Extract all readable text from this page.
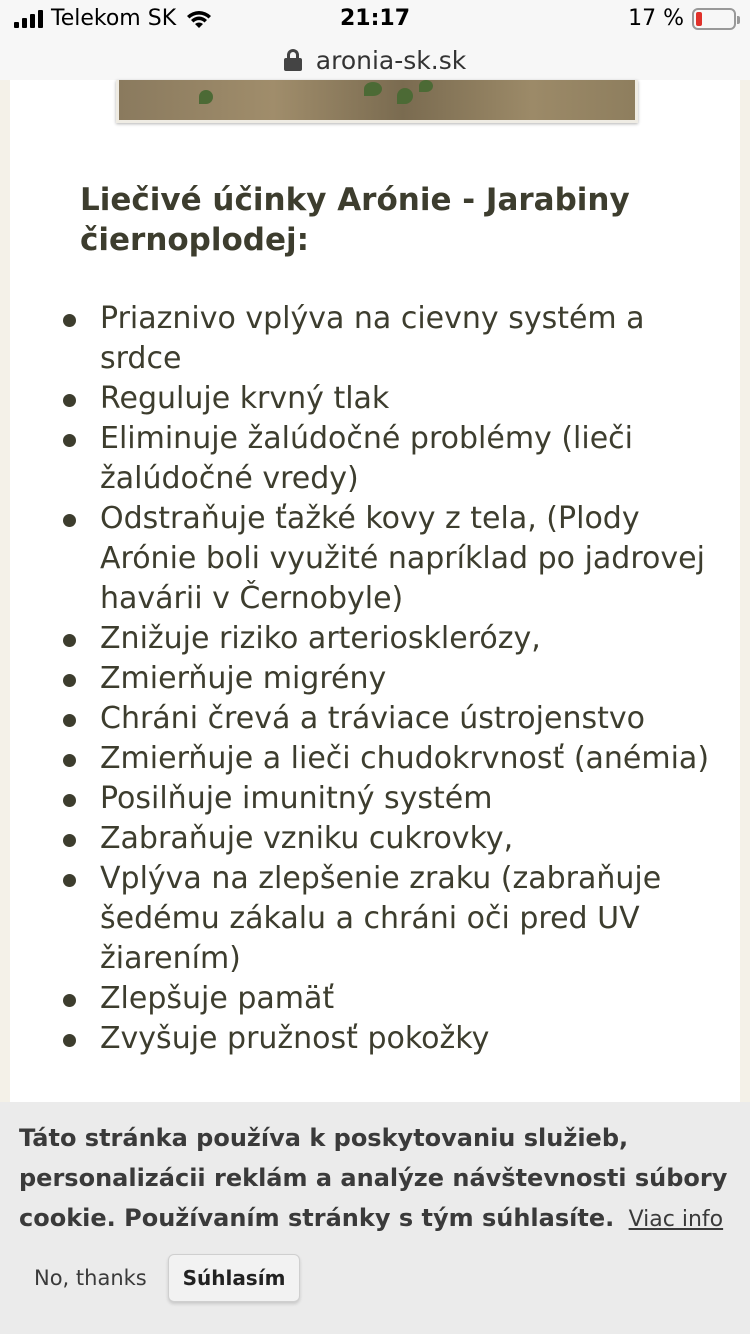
Telekom SK	21:17	17 %
aronia-sk.sk
Liečivé účinky Arónie - Jarabiny čiernoplodej:
Priaznivo vplýva na cievny systém a srdce
Reguluje krvný tlak
Eliminuje žalúdočné problémy (lieči žalúdočné vredy)
Odstraňuje ťažké kovy z tela, (Plody Arónie boli využité napríklad po jadrovej havárii v Černobyle)
Znižuje riziko arteriosklerózy,
Zmierňuje migrény
Chráni črevá a tráviace ústrojenstvo
Zmierňuje a lieči chudokrvnosť (anémia)
Posilňuje imunitný systém
Zabraňuje vzniku cukrovky,
Vplýva na zlepšenie zraku (zabraňuje šedému zákalu a chráni oči pred UV žiarením)
Zlepšuje pamäť
Zvyšuje pružnosť pokožky

Táto stránka používa k poskytovaniu služieb, personalizácii reklám a analýze návštevnosti súbory cookie. Používaním stránky s tým súhlasíte. Viac info

No, thanks	Súhlasím
